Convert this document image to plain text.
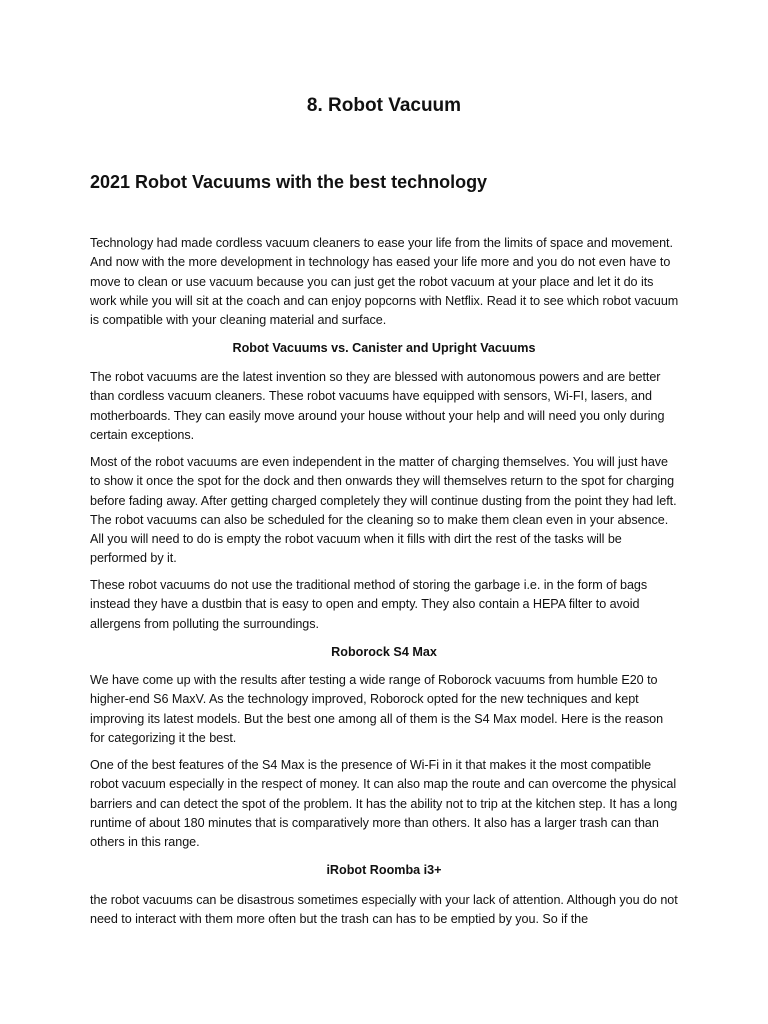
8. Robot Vacuum
2021 Robot Vacuums with the best technology

Technology had made cordless vacuum cleaners to ease your life from the limits of space and movement. And now with the more development in technology has eased your life more and you do not even have to move to clean or use vacuum because you can just get the robot vacuum at your place and let it do its work while you will sit at the coach and can enjoy popcorns with Netflix. Read it to see which robot vacuum is compatible with your cleaning material and surface.

Robot Vacuums vs. Canister and Upright Vacuums

The robot vacuums are the latest invention so they are blessed with autonomous powers and are better than cordless vacuum cleaners. These robot vacuums have equipped with sensors, Wi-FI, lasers, and motherboards. They can easily move around your house without your help and will need you only during certain exceptions.

Most of the robot vacuums are even independent in the matter of charging themselves. You will just have to show it once the spot for the dock and then onwards they will themselves return to the spot for charging before fading away. After getting charged completely they will continue dusting from the point they had left. The robot vacuums can also be scheduled for the cleaning so to make them clean even in your absence. All you will need to do is empty the robot vacuum when it fills with dirt the rest of the tasks will be performed by it.

These robot vacuums do not use the traditional method of storing the garbage i.e. in the form of bags instead they have a dustbin that is easy to open and empty. They also contain a HEPA filter to avoid allergens from polluting the surroundings.

Roborock S4 Max

We have come up with the results after testing a wide range of Roborock vacuums from humble E20 to higher-end S6 MaxV. As the technology improved, Roborock opted for the new techniques and kept improving its latest models. But the best one among all of them is the S4 Max model. Here is the reason for categorizing it the best.

One of the best features of the S4 Max is the presence of Wi-Fi in it that makes it the most compatible robot vacuum especially in the respect of money. It can also map the route and can overcome the physical barriers and can detect the spot of the problem. It has the ability not to trip at the kitchen step. It has a long runtime of about 180 minutes that is comparatively more than others. It also has a larger trash can than others in this range.

iRobot Roomba i3+

the robot vacuums can be disastrous sometimes especially with your lack of attention. Although you do not need to interact with them more often but the trash can has to be emptied by you. So if the
